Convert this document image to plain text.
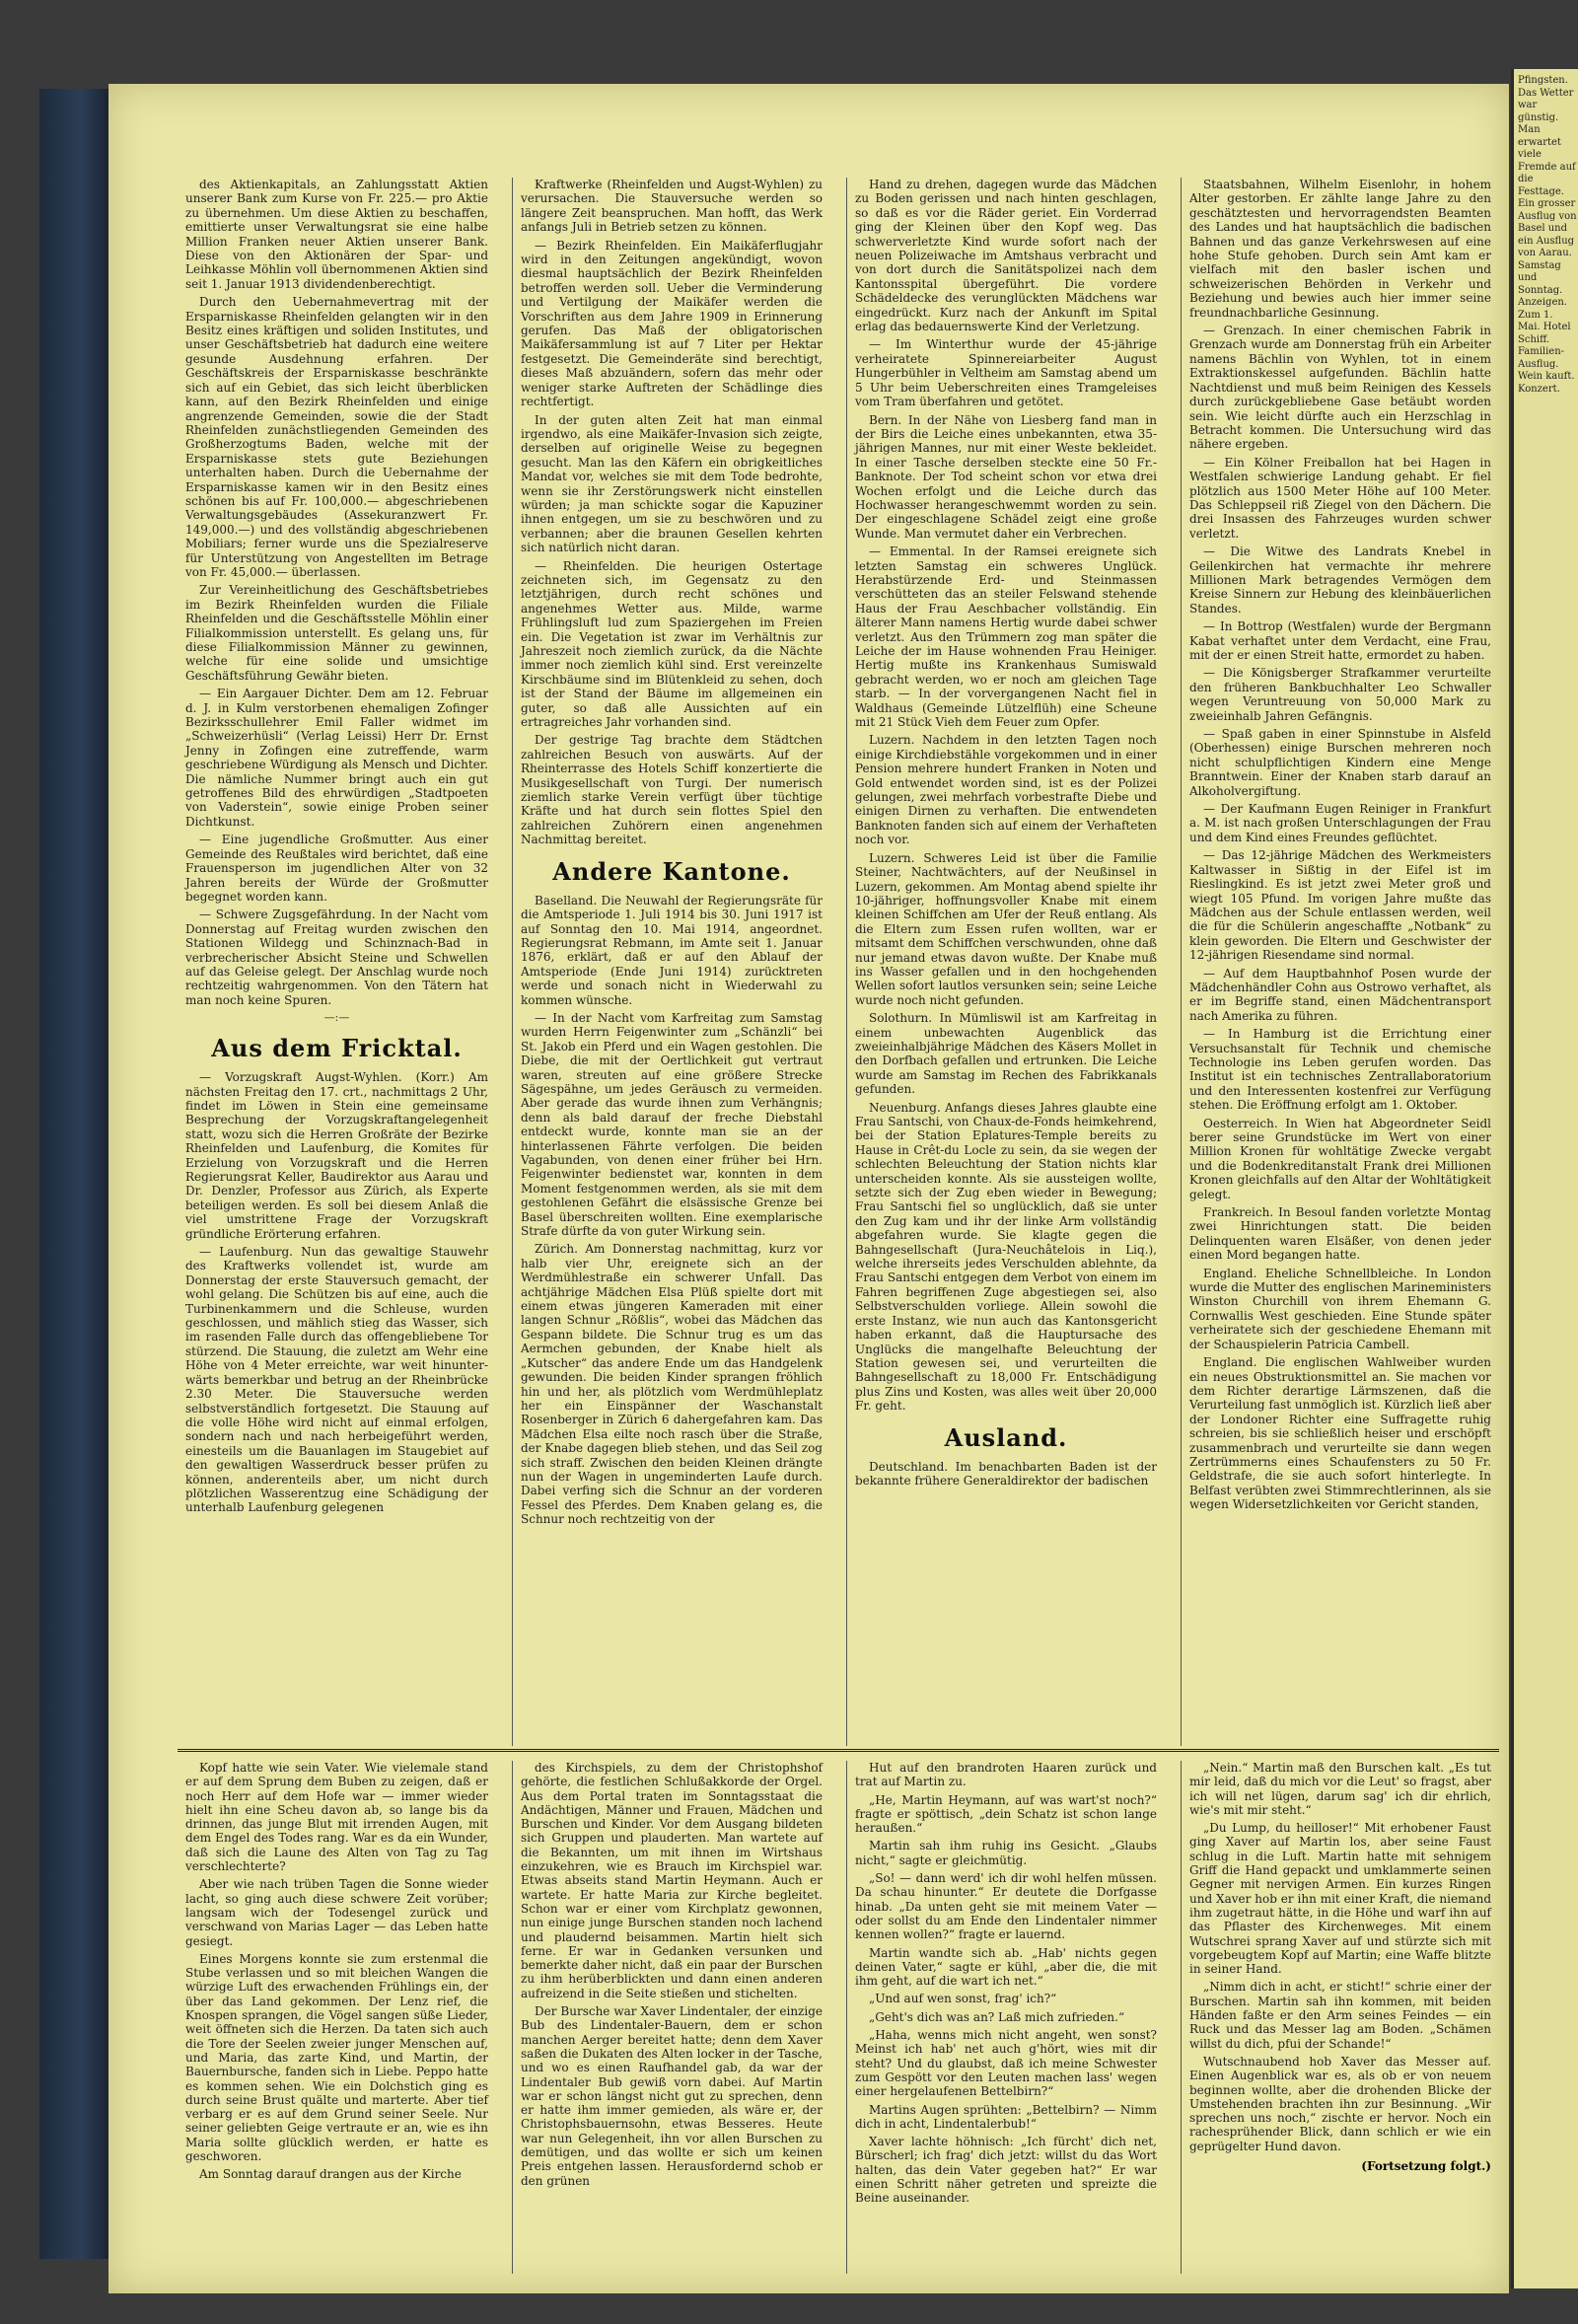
Pfingsten. Das Wetter war günstig. Man erwartet viele Fremde auf die Festtage. Ein grosser Ausflug von Basel und ein Ausflug von Aarau. Samstag und Sonntag. Anzeigen. Zum 1. Mai. Hotel Schiff. Familien-Ausflug. Wein kauft. Konzert.

des Aktienkapitals, an Zahlungsstatt Aktien unserer Bank zum Kurse von Fr. 225.— pro Aktie zu übernehmen. Um diese Aktien zu beschaffen, emittierte unser Verwaltungsrat sie eine halbe Million Franken neuer Aktien unserer Bank. Diese von den Aktionären der Spar- und Leihkasse Möhlin voll übernommenen Aktien sind seit 1. Januar 1913 dividendenberechtigt.

Durch den Uebernahmevertrag mit der Ersparniskasse Rheinfelden gelangten wir in den Besitz eines kräftigen und soliden Institutes, und unser Geschäftsbetrieb hat dadurch eine weitere gesunde Ausdehnung erfahren. Der Geschäftskreis der Ersparniskasse beschränkte sich auf ein Gebiet, das sich leicht überblicken kann, auf den Bezirk Rheinfelden und einige angrenzende Gemeinden, sowie die der Stadt Rheinfelden zunächstliegenden Gemeinden des Großherzogtums Baden, welche mit der Ersparniskasse stets gute Beziehungen unterhalten haben. Durch die Uebernahme der Ersparniskasse kamen wir in den Besitz eines schönen bis auf Fr. 100,000.— abgeschriebenen Verwaltungsgebäudes (Assekuranzwert Fr. 149,000.—) und des vollständig abgeschriebenen Mobiliars; ferner wurde uns die Spezialreserve für Unterstützung von Angestellten im Betrage von Fr. 45,000.— überlassen.

Zur Vereinheitlichung des Geschäftsbetriebes im Bezirk Rheinfelden wurden die Filiale Rheinfelden und die Geschäftsstelle Möhlin einer Filialkommission unterstellt. Es gelang uns, für diese Filialkommission Männer zu gewinnen, welche für eine solide und umsichtige Geschäftsführung Gewähr bieten.

— Ein Aargauer Dichter. Dem am 12. Februar d. J. in Kulm verstorbenen ehemaligen Zofinger Bezirksschullehrer Emil Faller widmet im „Schweizerhüsli“ (Verlag Leissi) Herr Dr. Ernst Jenny in Zofingen eine zutreffende, warm geschriebene Würdigung als Mensch und Dichter. Die nämliche Nummer bringt auch ein gut getroffenes Bild des ehrwürdigen „Stadtpoeten von Vaderstein“, sowie einige Proben seiner Dichtkunst.

— Eine jugendliche Großmutter. Aus einer Gemeinde des Reußtales wird berichtet, daß eine Frauensperson im jugendlichen Alter von 32 Jahren bereits der Würde der Großmutter begegnet worden kann.

— Schwere Zugsgefährdung. In der Nacht vom Donnerstag auf Freitag wurden zwischen den Stationen Wildegg und Schinznach-Bad in verbrecherischer Absicht Steine und Schwellen auf das Geleise gelegt. Der Anschlag wurde noch rechtzeitig wahrgenommen. Von den Tätern hat man noch keine Spuren.

—:—
Aus dem Fricktal.

— Vorzugskraft Augst-Wyhlen. (Korr.) Am nächsten Freitag den 17. crt., nachmittags 2 Uhr, findet im Löwen in Stein eine gemeinsame Besprechung der Vorzugskraftangelegenheit statt, wozu sich die Herren Großräte der Bezirke Rheinfelden und Laufenburg, die Komites für Erzielung von Vorzugskraft und die Herren Regierungsrat Keller, Baudirektor aus Aarau und Dr. Denzler, Professor aus Zürich, als Experte beteiligen werden. Es soll bei diesem Anlaß die viel umstrittene Frage der Vorzugskraft gründliche Erörterung erfahren.

— Laufenburg. Nun das gewaltige Stauwehr des Kraftwerks vollendet ist, wurde am Donnerstag der erste Stauversuch gemacht, der wohl gelang. Die Schützen bis auf eine, auch die Turbinenkammern und die Schleuse, wurden geschlossen, und mählich stieg das Wasser, sich im rasenden Falle durch das offengebliebene Tor stürzend. Die Stauung, die zuletzt am Wehr eine Höhe von 4 Meter erreichte, war weit hinunter-wärts bemerkbar und betrug an der Rheinbrücke 2.30 Meter. Die Stauversuche werden selbstverständlich fortgesetzt. Die Stauung auf die volle Höhe wird nicht auf einmal erfolgen, sondern nach und nach herbeigeführt werden, einesteils um die Bauanlagen im Staugebiet auf den gewaltigen Wasserdruck besser prüfen zu können, anderenteils aber, um nicht durch plötzlichen Wasserentzug eine Schädigung der unterhalb Laufenburg gelegenen

Kraftwerke (Rheinfelden und Augst-Wyhlen) zu verursachen. Die Stauversuche werden so längere Zeit beanspruchen. Man hofft, das Werk anfangs Juli in Betrieb setzen zu können.

— Bezirk Rheinfelden. Ein Maikäferflugjahr wird in den Zeitungen angekündigt, wovon diesmal hauptsächlich der Bezirk Rheinfelden betroffen werden soll. Ueber die Verminderung und Vertilgung der Maikäfer werden die Vorschriften aus dem Jahre 1909 in Erinnerung gerufen. Das Maß der obligatorischen Maikäfersammlung ist auf 7 Liter per Hektar festgesetzt. Die Gemeinderäte sind berechtigt, dieses Maß abzuändern, sofern das mehr oder weniger starke Auftreten der Schädlinge dies rechtfertigt.

In der guten alten Zeit hat man einmal irgendwo, als eine Maikäfer-Invasion sich zeigte, derselben auf originelle Weise zu begegnen gesucht. Man las den Käfern ein obrigkeitliches Mandat vor, welches sie mit dem Tode bedrohte, wenn sie ihr Zerstörungswerk nicht einstellen würden; ja man schickte sogar die Kapuziner ihnen entgegen, um sie zu beschwören und zu verbannen; aber die braunen Gesellen kehrten sich natürlich nicht daran.

— Rheinfelden. Die heurigen Ostertage zeichneten sich, im Gegensatz zu den letztjährigen, durch recht schönes und angenehmes Wetter aus. Milde, warme Frühlingsluft lud zum Spaziergehen im Freien ein. Die Vegetation ist zwar im Verhältnis zur Jahreszeit noch ziemlich zurück, da die Nächte immer noch ziemlich kühl sind. Erst vereinzelte Kirschbäume sind im Blütenkleid zu sehen, doch ist der Stand der Bäume im allgemeinen ein guter, so daß alle Aussichten auf ein ertragreiches Jahr vorhanden sind.

Der gestrige Tag brachte dem Städtchen zahlreichen Besuch von auswärts. Auf der Rheinterrasse des Hotels Schiff konzertierte die Musikgesellschaft von Turgi. Der numerisch ziemlich starke Verein verfügt über tüchtige Kräfte und hat durch sein flottes Spiel den zahlreichen Zuhörern einen angenehmen Nachmittag bereitet.

Andere Kantone.

Baselland. Die Neuwahl der Regierungsräte für die Amtsperiode 1. Juli 1914 bis 30. Juni 1917 ist auf Sonntag den 10. Mai 1914, angeordnet. Regierungsrat Rebmann, im Amte seit 1. Januar 1876, erklärt, daß er auf den Ablauf der Amtsperiode (Ende Juni 1914) zurücktreten werde und sonach nicht in Wiederwahl zu kommen wünsche.

— In der Nacht vom Karfreitag zum Samstag wurden Herrn Feigenwinter zum „Schänzli“ bei St. Jakob ein Pferd und ein Wagen gestohlen. Die Diebe, die mit der Oertlichkeit gut vertraut waren, streuten auf eine größere Strecke Sägespähne, um jedes Geräusch zu vermeiden. Aber gerade das wurde ihnen zum Verhängnis; denn als bald darauf der freche Diebstahl entdeckt wurde, konnte man sie an der hinterlassenen Fährte verfolgen. Die beiden Vagabunden, von denen einer früher bei Hrn. Feigenwinter bedienstet war, konnten in dem Moment festgenommen werden, als sie mit dem gestohlenen Gefährt die elsässische Grenze bei Basel überschreiten wollten. Eine exemplarische Strafe dürfte da von guter Wirkung sein.

Zürich. Am Donnerstag nachmittag, kurz vor halb vier Uhr, ereignete sich an der Werdmühlestraße ein schwerer Unfall. Das achtjährige Mädchen Elsa Plüß spielte dort mit einem etwas jüngeren Kameraden mit einer langen Schnur „Rößlis“, wobei das Mädchen das Gespann bildete. Die Schnur trug es um das Aermchen gebunden, der Knabe hielt als „Kutscher“ das andere Ende um das Handgelenk gewunden. Die beiden Kinder sprangen fröhlich hin und her, als plötzlich vom Werdmühleplatz her ein Einspänner der Waschanstalt Rosenberger in Zürich 6 dahergefahren kam. Das Mädchen Elsa eilte noch rasch über die Straße, der Knabe dagegen blieb stehen, und das Seil zog sich straff. Zwischen den beiden Kleinen drängte nun der Wagen in ungeminderten Laufe durch. Dabei verfing sich die Schnur an der vorderen Fessel des Pferdes. Dem Knaben gelang es, die Schnur noch rechtzeitig von der

Hand zu drehen, dagegen wurde das Mädchen zu Boden gerissen und nach hinten geschlagen, so daß es vor die Räder geriet. Ein Vorderrad ging der Kleinen über den Kopf weg. Das schwerverletzte Kind wurde sofort nach der neuen Polizeiwache im Amtshaus verbracht und von dort durch die Sanitätspolizei nach dem Kantonsspital übergeführt. Die vordere Schädeldecke des verunglückten Mädchens war eingedrückt. Kurz nach der Ankunft im Spital erlag das bedauernswerte Kind der Verletzung.

— Im Winterthur wurde der 45-jährige verheiratete Spinnereiarbeiter August Hungerbühler in Veltheim am Samstag abend um 5 Uhr beim Ueberschreiten eines Tramgeleises vom Tram überfahren und getötet.

Bern. In der Nähe von Liesberg fand man in der Birs die Leiche eines unbekannten, etwa 35-jährigen Mannes, nur mit einer Weste bekleidet. In einer Tasche derselben steckte eine 50 Fr.-Banknote. Der Tod scheint schon vor etwa drei Wochen erfolgt und die Leiche durch das Hochwasser herangeschwemmt worden zu sein. Der eingeschlagene Schädel zeigt eine große Wunde. Man vermutet daher ein Verbrechen.

— Emmental. In der Ramsei ereignete sich letzten Samstag ein schweres Unglück. Herabstürzende Erd- und Steinmassen verschütteten das an steiler Felswand stehende Haus der Frau Aeschbacher vollständig. Ein älterer Mann namens Hertig wurde dabei schwer verletzt. Aus den Trümmern zog man später die Leiche der im Hause wohnenden Frau Heiniger. Hertig mußte ins Krankenhaus Sumiswald gebracht werden, wo er noch am gleichen Tage starb. — In der vorvergangenen Nacht fiel in Waldhaus (Gemeinde Lützelflüh) eine Scheune mit 21 Stück Vieh dem Feuer zum Opfer.

Luzern. Nachdem in den letzten Tagen noch einige Kirchdiebstähle vorgekommen und in einer Pension mehrere hundert Franken in Noten und Gold entwendet worden sind, ist es der Polizei gelungen, zwei mehrfach vorbestrafte Diebe und einigen Dirnen zu verhaften. Die entwendeten Banknoten fanden sich auf einem der Verhafteten noch vor.

Luzern. Schweres Leid ist über die Familie Steiner, Nachtwächters, auf der Neußinsel in Luzern, gekommen. Am Montag abend spielte ihr 10-jähriger, hoffnungsvoller Knabe mit einem kleinen Schiffchen am Ufer der Reuß entlang. Als die Eltern zum Essen rufen wollten, war er mitsamt dem Schiffchen verschwunden, ohne daß nur jemand etwas davon wußte. Der Knabe muß ins Wasser gefallen und in den hochgehenden Wellen sofort lautlos versunken sein; seine Leiche wurde noch nicht gefunden.

Solothurn. In Mümliswil ist am Karfreitag in einem unbewachten Augenblick das zweieinhalbjährige Mädchen des Käsers Mollet in den Dorfbach gefallen und ertrunken. Die Leiche wurde am Samstag im Rechen des Fabrikkanals gefunden.

Neuenburg. Anfangs dieses Jahres glaubte eine Frau Santschi, von Chaux-de-Fonds heimkehrend, bei der Station Eplatures-Temple bereits zu Hause in Crêt-du Locle zu sein, da sie wegen der schlechten Beleuchtung der Station nichts klar unterscheiden konnte. Als sie aussteigen wollte, setzte sich der Zug eben wieder in Bewegung; Frau Santschi fiel so unglücklich, daß sie unter den Zug kam und ihr der linke Arm vollständig abgefahren wurde. Sie klagte gegen die Bahngesellschaft (Jura-Neuchâtelois in Liq.), welche ihrerseits jedes Verschulden ablehnte, da Frau Santschi entgegen dem Verbot von einem im Fahren begriffenen Zuge abgestiegen sei, also Selbstverschulden vorliege. Allein sowohl die erste Instanz, wie nun auch das Kantonsgericht haben erkannt, daß die Hauptursache des Unglücks die mangelhafte Beleuchtung der Station gewesen sei, und verurteilten die Bahngesellschaft zu 18,000 Fr. Entschädigung plus Zins und Kosten, was alles weit über 20,000 Fr. geht.

Ausland.

Deutschland. Im benachbarten Baden ist der bekannte frühere Generaldirektor der badischen

Staatsbahnen, Wilhelm Eisenlohr, in hohem Alter gestorben. Er zählte lange Jahre zu den geschätztesten und hervorragendsten Beamten des Landes und hat hauptsächlich die badischen Bahnen und das ganze Verkehrswesen auf eine hohe Stufe gehoben. Durch sein Amt kam er vielfach mit den basler ischen und schweizerischen Behörden in Verkehr und Beziehung und bewies auch hier immer seine freundnachbarliche Gesinnung.

— Grenzach. In einer chemischen Fabrik in Grenzach wurde am Donnerstag früh ein Arbeiter namens Bächlin von Wyhlen, tot in einem Extraktionskessel aufgefunden. Bächlin hatte Nachtdienst und muß beim Reinigen des Kessels durch zurückgebliebene Gase betäubt worden sein. Wie leicht dürfte auch ein Herzschlag in Betracht kommen. Die Untersuchung wird das nähere ergeben.

— Ein Kölner Freiballon hat bei Hagen in Westfalen schwierige Landung gehabt. Er fiel plötzlich aus 1500 Meter Höhe auf 100 Meter. Das Schleppseil riß Ziegel von den Dächern. Die drei Insassen des Fahrzeuges wurden schwer verletzt.

— Die Witwe des Landrats Knebel in Geilenkirchen hat vermachte ihr mehrere Millionen Mark betragendes Vermögen dem Kreise Sinnern zur Hebung des kleinbäuerlichen Standes.

— In Bottrop (Westfalen) wurde der Bergmann Kabat verhaftet unter dem Verdacht, eine Frau, mit der er einen Streit hatte, ermordet zu haben.

— Die Königsberger Strafkammer verurteilte den früheren Bankbuchhalter Leo Schwaller wegen Veruntreuung von 50,000 Mark zu zweieinhalb Jahren Gefängnis.

— Spaß gaben in einer Spinnstube in Alsfeld (Oberhessen) einige Burschen mehreren noch nicht schulpflichtigen Kindern eine Menge Branntwein. Einer der Knaben starb darauf an Alkoholvergiftung.

— Der Kaufmann Eugen Reiniger in Frankfurt a. M. ist nach großen Unterschlagungen der Frau und dem Kind eines Freundes geflüchtet.

— Das 12-jährige Mädchen des Werkmeisters Kaltwasser in Sißtig in der Eifel ist im Rieslingkind. Es ist jetzt zwei Meter groß und wiegt 105 Pfund. Im vorigen Jahre mußte das Mädchen aus der Schule entlassen werden, weil die für die Schülerin angeschaffte „Notbank“ zu klein geworden. Die Eltern und Geschwister der 12-jährigen Riesendame sind normal.

— Auf dem Hauptbahnhof Posen wurde der Mädchenhändler Cohn aus Ostrowo verhaftet, als er im Begriffe stand, einen Mädchentransport nach Amerika zu führen.

— In Hamburg ist die Errichtung einer Versuchsanstalt für Technik und chemische Technologie ins Leben gerufen worden. Das Institut ist ein technisches Zentrallaboratorium und den Interessenten kostenfrei zur Verfügung stehen. Die Eröffnung erfolgt am 1. Oktober.

Oesterreich. In Wien hat Abgeordneter Seidl berer seine Grundstücke im Wert von einer Million Kronen für wohltätige Zwecke vergabt und die Bodenkreditanstalt Frank drei Millionen Kronen gleichfalls auf den Altar der Wohltätigkeit gelegt.

Frankreich. In Besoul fanden vorletzte Montag zwei Hinrichtungen statt. Die beiden Delinquenten waren Elsäßer, von denen jeder einen Mord begangen hatte.

England. Eheliche Schnellbleiche. In London wurde die Mutter des englischen Marineministers Winston Churchill von ihrem Ehemann G. Cornwallis West geschieden. Eine Stunde später verheiratete sich der geschiedene Ehemann mit der Schauspielerin Patricia Cambell.

England. Die englischen Wahlweiber wurden ein neues Obstruktionsmittel an. Sie machen vor dem Richter derartige Lärmszenen, daß die Verurteilung fast unmöglich ist. Kürzlich ließ aber der Londoner Richter eine Suffragette ruhig schreien, bis sie schließlich heiser und erschöpft zusammenbrach und verurteilte sie dann wegen Zertrümmerns eines Schaufensters zu 50 Fr. Geldstrafe, die sie auch sofort hinterlegte. In Belfast verübten zwei Stimmrechtlerinnen, als sie wegen Widersetzlichkeiten vor Gericht standen,

Kopf hatte wie sein Vater. Wie vielemale stand er auf dem Sprung dem Buben zu zeigen, daß er noch Herr auf dem Hofe war — immer wieder hielt ihn eine Scheu davon ab, so lange bis da drinnen, das junge Blut mit irrenden Augen, mit dem Engel des Todes rang. War es da ein Wunder, daß sich die Laune des Alten von Tag zu Tag verschlechterte?

Aber wie nach trüben Tagen die Sonne wieder lacht, so ging auch diese schwere Zeit vorüber; langsam wich der Todesengel zurück und verschwand von Marias Lager — das Leben hatte gesiegt.

Eines Morgens konnte sie zum erstenmal die Stube verlassen und so mit bleichen Wangen die würzige Luft des erwachenden Frühlings ein, der über das Land gekommen. Der Lenz rief, die Knospen sprangen, die Vögel sangen süße Lieder, weit öffneten sich die Herzen. Da taten sich auch die Tore der Seelen zweier junger Menschen auf, und Maria, das zarte Kind, und Martin, der Bauernbursche, fanden sich in Liebe. Peppo hatte es kommen sehen. Wie ein Dolchstich ging es durch seine Brust quälte und marterte. Aber tief verbarg er es auf dem Grund seiner Seele. Nur seiner geliebten Geige vertraute er an, wie es ihn Maria sollte glücklich werden, er hatte es geschworen.

Am Sonntag darauf drangen aus der Kirche

des Kirchspiels, zu dem der Christophshof gehörte, die festlichen Schlußakkorde der Orgel. Aus dem Portal traten im Sonntagsstaat die Andächtigen, Männer und Frauen, Mädchen und Burschen und Kinder. Vor dem Ausgang bildeten sich Gruppen und plauderten. Man wartete auf die Bekannten, um mit ihnen im Wirtshaus einzukehren, wie es Brauch im Kirchspiel war. Etwas abseits stand Martin Heymann. Auch er wartete. Er hatte Maria zur Kirche begleitet. Schon war er einer vom Kirchplatz gewonnen, nun einige junge Burschen standen noch lachend und plaudernd beisammen. Martin hielt sich ferne. Er war in Gedanken versunken und bemerkte daher nicht, daß ein paar der Burschen zu ihm herüberblickten und dann einen anderen aufreizend in die Seite stießen und stichelten.

Der Bursche war Xaver Lindentaler, der einzige Bub des Lindentaler-Bauern, dem er schon manchen Aerger bereitet hatte; denn dem Xaver saßen die Dukaten des Alten locker in der Tasche, und wo es einen Raufhandel gab, da war der Lindentaler Bub gewiß vorn dabei. Auf Martin war er schon längst nicht gut zu sprechen, denn er hatte ihm immer gemieden, als wäre er, der Christophsbauernsohn, etwas Besseres. Heute war nun Gelegenheit, ihn vor allen Burschen zu demütigen, und das wollte er sich um keinen Preis entgehen lassen. Herausfordernd schob er den grünen

Hut auf den brandroten Haaren zurück und trat auf Martin zu.

„He, Martin Heymann, auf was wart'st noch?“ fragte er spöttisch, „dein Schatz ist schon lange heraußen.“

Martin sah ihm ruhig ins Gesicht. „Glaubs nicht,“ sagte er gleichmütig.

„So! — dann werd' ich dir wohl helfen müssen. Da schau hinunter.“ Er deutete die Dorfgasse hinab. „Da unten geht sie mit meinem Vater — oder sollst du am Ende den Lindentaler nimmer kennen wollen?“ fragte er lauernd.

Martin wandte sich ab. „Hab' nichts gegen deinen Vater,“ sagte er kühl, „aber die, die mit ihm geht, auf die wart ich net.“

„Und auf wen sonst, frag' ich?“

„Geht's dich was an? Laß mich zufrieden.“

„Haha, wenns mich nicht angeht, wen sonst? Meinst ich hab' net auch g'hört, wies mit dir steht? Und du glaubst, daß ich meine Schwester zum Gespött vor den Leuten machen lass' wegen einer hergelaufenen Bettelbirn?“

Martins Augen sprühten: „Bettelbirn? — Nimm dich in acht, Lindentalerbub!“

Xaver lachte höhnisch: „Ich fürcht' dich net, Bürscherl; ich frag' dich jetzt: willst du das Wort halten, das dein Vater gegeben hat?“ Er war einen Schritt näher getreten und spreizte die Beine auseinander.

„Nein.“ Martin maß den Burschen kalt. „Es tut mir leid, daß du mich vor die Leut' so fragst, aber ich will net lügen, darum sag' ich dir ehrlich, wie's mit mir steht.“

„Du Lump, du heilloser!“ Mit erhobener Faust ging Xaver auf Martin los, aber seine Faust schlug in die Luft. Martin hatte mit sehnigem Griff die Hand gepackt und umklammerte seinen Gegner mit nervigen Armen. Ein kurzes Ringen und Xaver hob er ihn mit einer Kraft, die niemand ihm zugetraut hätte, in die Höhe und warf ihn auf das Pflaster des Kirchenweges. Mit einem Wutschrei sprang Xaver auf und stürzte sich mit vorgebeugtem Kopf auf Martin; eine Waffe blitzte in seiner Hand.

„Nimm dich in acht, er sticht!“ schrie einer der Burschen. Martin sah ihn kommen, mit beiden Händen faßte er den Arm seines Feindes — ein Ruck und das Messer lag am Boden. „Schämen willst du dich, pfui der Schande!“

Wutschnaubend hob Xaver das Messer auf. Einen Augenblick war es, als ob er von neuem beginnen wollte, aber die drohenden Blicke der Umstehenden brachten ihn zur Besinnung. „Wir sprechen uns noch,“ zischte er hervor. Noch ein rachesprühender Blick, dann schlich er wie ein geprügelter Hund davon.

(Fortsetzung folgt.)
